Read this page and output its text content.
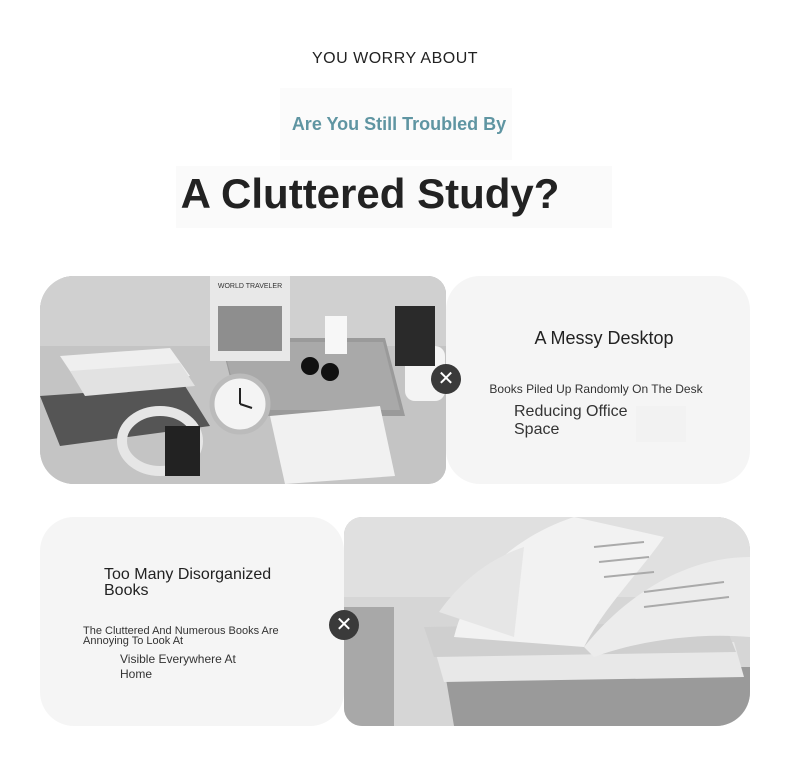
YOU WORRY ABOUT
Are You Still Troubled By
A Cluttered Study?
WORLD TRAVELER
A Messy Desktop
Books Piled Up Randomly On The Desk
Reducing Office Space
✕
Too Many Disorganized Books
The Cluttered And Numerous Books Are Annoying To Look At
Visible Everywhere At Home
✕
